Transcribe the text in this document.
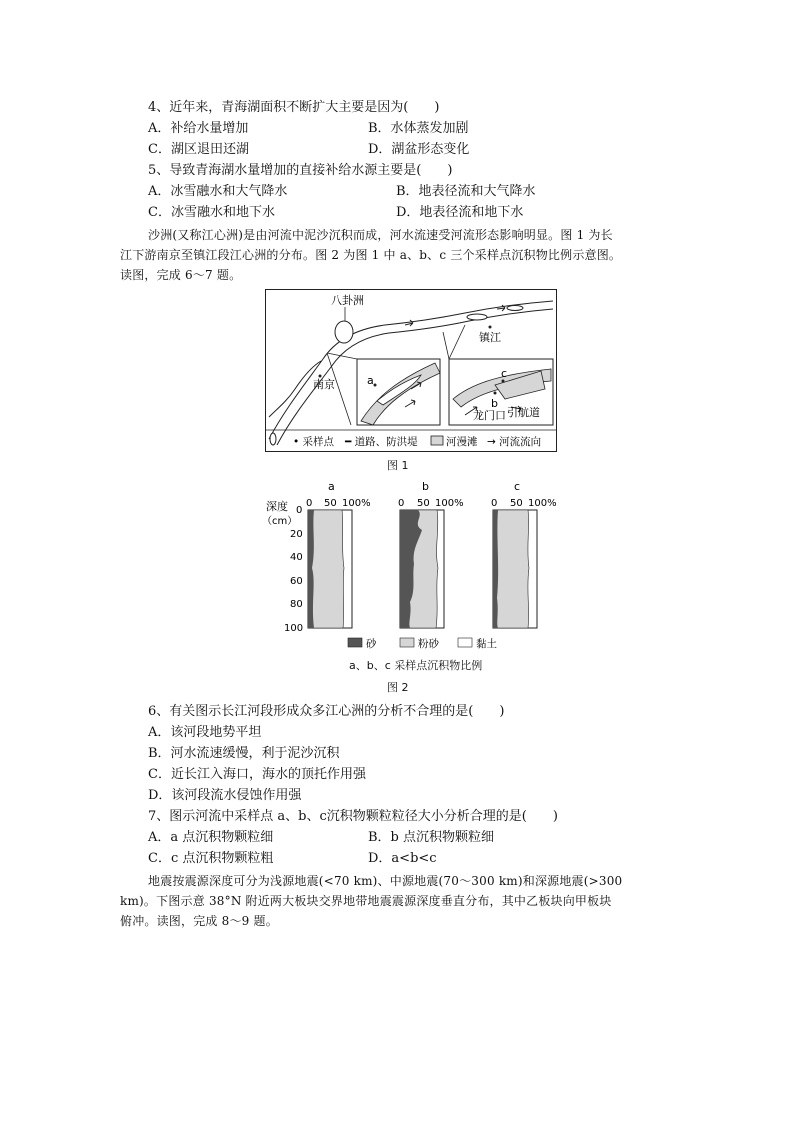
4、近年来，青海湖面积不断扩大主要是因为(　　)
A．补给水量增加	B．水体蒸发加剧
C．湖区退田还湖	D．湖盆形态变化
5、导致青海湖水量增加的直接补给水源主要是(　　)
A．冰雪融水和大气降水	B．地表径流和大气降水
C．冰雪融水和地下水	D．地表径流和地下水
沙洲(又称江心洲)是由河流中泥沙沉积而成，河水流速受河流形态影响明显。图 1 为长
江下游南京至镇江段江心洲的分布。图 2 为图 1 中 a、b、c 三个采样点沉积物比例示意图。
读图，完成 6～7 题。
八卦洲
南京
镇江
a
b
c
龙门口 引航道
• 采样点 ━ 道路、防洪堤	河漫滩 → 河流流向
图 1
a	b	c
深度
（cm）
0 50 100%	0 50 100%	0 50 100%
0
20
40
60
80
100
砂	粉砂	黏土
a、b、c 采样点沉积物比例
图 2
6、有关图示长江河段形成众多江心洲的分析不合理的是(　　)
A．该河段地势平坦
B．河水流速缓慢，利于泥沙沉积
C．近长江入海口，海水的顶托作用强
D．该河段流水侵蚀作用强
7、图示河流中采样点 a、b、c沉积物颗粒粒径大小分析合理的是(　　)
A．a 点沉积物颗粒细	B．b 点沉积物颗粒细
C．c 点沉积物颗粒粗	D．a<b<c
地震按震源深度可分为浅源地震(<70 km)、中源地震(70～300 km)和深源地震(>300
km)。下图示意 38°N 附近两大板块交界地带地震震源深度垂直分布，其中乙板块向甲板块
俯冲。读图，完成 8～9 题。
